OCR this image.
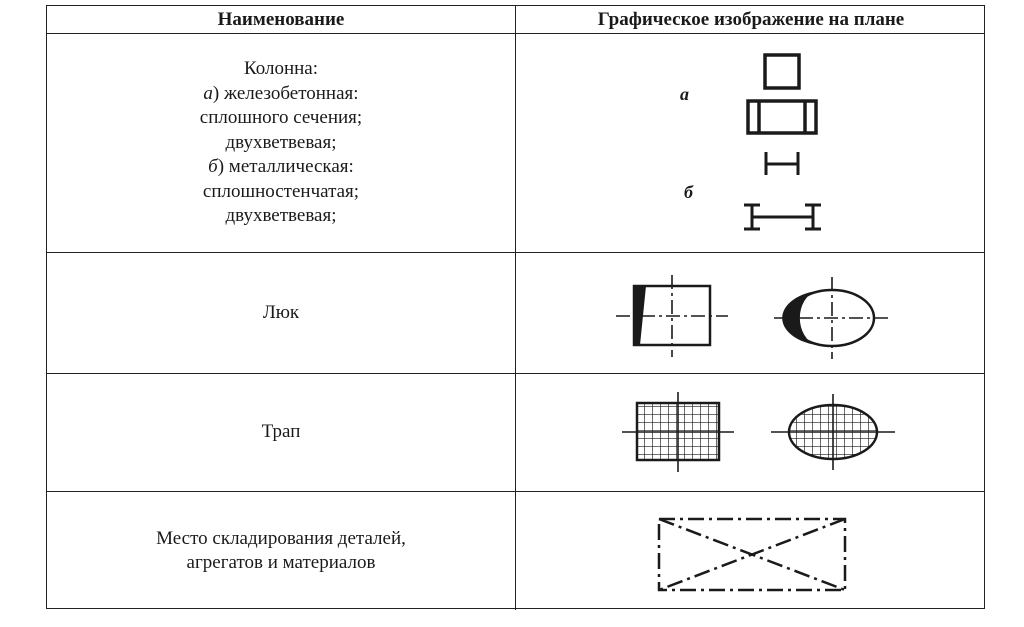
Наименование	Графическое изображение на плане
Колонна:
а) железобетонная:
сплошного сечения;
двухветвевая;
б) металлическая:
сплошностенчатая;
двухветвевая;
а
б
Люк
Трап
Место складирования деталей,
агрегатов и материалов
